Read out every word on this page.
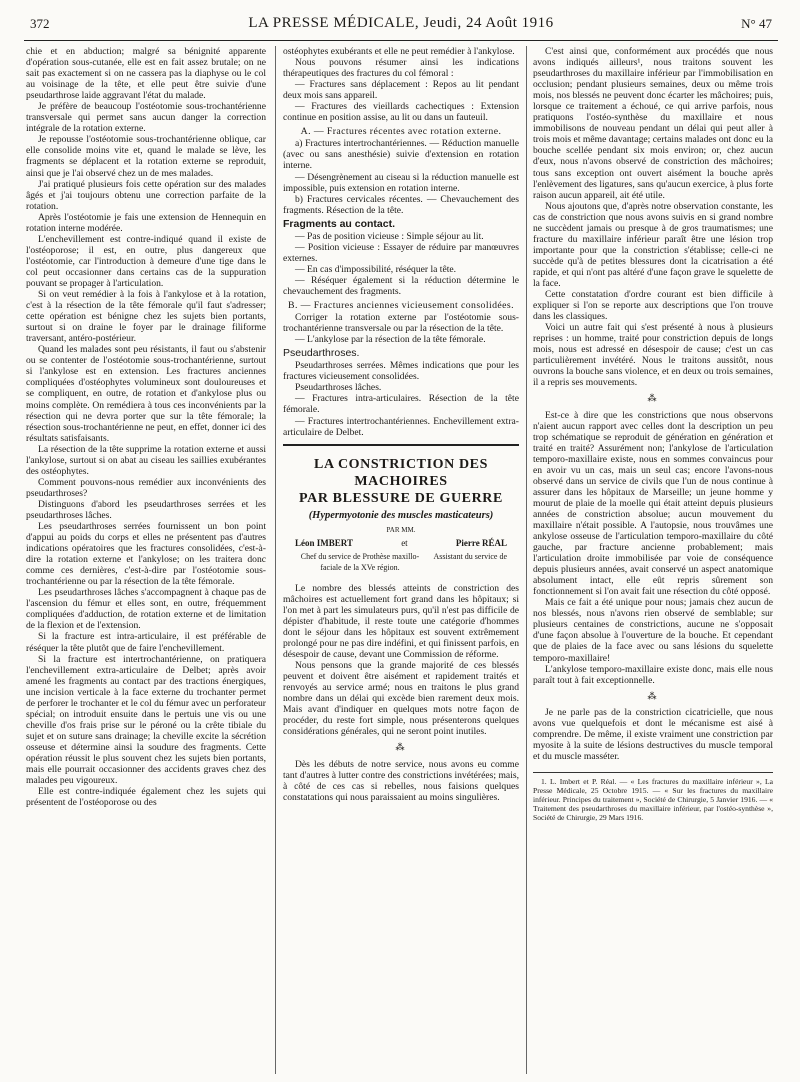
372	LA PRESSE MÉDICALE, Jeudi, 24 Août 1916	N° 47

chie et en abduction; malgré sa bénignité apparente d'opération sous-cutanée, elle est en fait assez brutale; on ne sait pas exactement si on ne cassera pas la diaphyse ou le col au voisinage de la tête, et elle peut être suivie d'une pseudarthrose laide aggravant l'état du malade.

Je préfère de beaucoup l'ostéotomie sous-trochantérienne transversale qui permet sans aucun danger la correction intégrale de la rotation externe.

Je repousse l'ostéotomie sous-trochantérienne oblique, car elle consolide moins vite et, quand le malade se lève, les fragments se déplacent et la rotation externe se reproduit, ainsi que je l'ai observé chez un de mes malades.

J'ai pratiqué plusieurs fois cette opération sur des malades âgés et j'ai toujours obtenu une correction parfaite de la rotation.

Après l'ostéotomie je fais une extension de Hennequin en rotation interne modérée.

L'enchevillement est contre-indiqué quand il existe de l'ostéoporose; il est, en outre, plus dangereux que l'ostéotomie, car l'introduction à demeure d'une tige dans le col peut occasionner dans certains cas de la suppuration pouvant se propager à l'articulation.

Si on veut remédier à la fois à l'ankylose et à la rotation, c'est à la résection de la tête fémorale qu'il faut s'adresser; cette opération est bénigne chez les sujets bien portants, surtout si on draine le foyer par le drainage filiforme traversant, antéro-postérieur.

Quand les malades sont peu résistants, il faut ou s'abstenir ou se contenter de l'ostéotomie sous-trochantérienne, surtout si l'ankylose est en extension. Les fractures anciennes compliquées d'ostéophytes volumineux sont douloureuses et se compliquent, en outre, de rotation et d'ankylose plus ou moins complète. On remédiera à tous ces inconvénients par la résection qui ne devra porter que sur la tête fémorale; la résection sous-trochantérienne ne peut, en effet, donner ici des résultats satisfaisants.

La résection de la tête supprime la rotation externe et aussi l'ankylose, surtout si on abat au ciseau les saillies exubérantes des ostéophytes.

Comment pouvons-nous remédier aux inconvénients des pseudarthroses?

Distinguons d'abord les pseudarthroses serrées et les pseudarthroses lâches.

Les pseudarthroses serrées fournissent un bon point d'appui au poids du corps et elles ne présentent pas d'autres indications opératoires que les fractures consolidées, c'est-à-dire la rotation externe et l'ankylose; on les traitera donc comme ces dernières, c'est-à-dire par l'ostéotomie sous-trochantérienne ou par la résection de la tête fémorale.

Les pseudarthroses lâches s'accompagnent à chaque pas de l'ascension du fémur et elles sont, en outre, fréquemment compliquées d'adduction, de rotation externe et de limitation de la flexion et de l'extension.

Si la fracture est intra-articulaire, il est préférable de réséquer la tête plutôt que de faire l'enchevillement.

Si la fracture est intertrochantérienne, on pratiquera l'enchevillement extra-articulaire de Delbet; après avoir amené les fragments au contact par des tractions énergiques, une incision verticale à la face externe du trochanter permet de perforer le trochanter et le col du fémur avec un perforateur spécial; on introduit ensuite dans le pertuis une vis ou une cheville d'os frais prise sur le péroné ou la crête tibiale du sujet et on suture sans drainage; la cheville excite la sécrétion osseuse et détermine ainsi la soudure des fragments. Cette opération réussit le plus souvent chez les sujets bien portants, mais elle pourrait occasionner des accidents graves chez des malades peu vigoureux.

Elle est contre-indiquée également chez les sujets qui présentent de l'ostéoporose ou des

ostéophytes exubérants et elle ne peut remédier à l'ankylose.

Nous pouvons résumer ainsi les indications thérapeutiques des fractures du col fémoral :

— Fractures sans déplacement : Repos au lit pendant deux mois sans appareil.

— Fractures des vieillards cachectiques : Extension continue en position assise, au lit ou dans un fauteuil.

A. — Fractures récentes avec rotation externe.

a) Fractures intertrochantériennes. — Réduction manuelle (avec ou sans anesthésie) suivie d'extension en rotation interne.

— Désengrènement au ciseau si la réduction manuelle est impossible, puis extension en rotation interne.

b) Fractures cervicales récentes. — Chevauchement des fragments. Résection de la tête.

Fragments au contact.

— Pas de position vicieuse : Simple séjour au lit.

— Position vicieuse : Essayer de réduire par manœuvres externes.

— En cas d'impossibilité, réséquer la tête.

— Réséquer également si la réduction détermine le chevauchement des fragments.

B. — Fractures anciennes vicieusement consolidées.

Corriger la rotation externe par l'ostéotomie sous-trochantérienne transversale ou par la résection de la tête.

— L'ankylose par la résection de la tête fémorale.

Pseudarthroses.

Pseudarthroses serrées. Mêmes indications que pour les fractures vicieusement consolidées.

Pseudarthroses lâches.

— Fractures intra-articulaires. Résection de la tête fémorale.

— Fractures intertrochantériennes. Enchevillement extra-articulaire de Delbet.

LA CONSTRICTION DES MACHOIRES
PAR BLESSURE DE GUERRE
(Hypermyotonie des muscles masticateurs)
PAR MM.
Léon IMBERT	et	Pierre RÉAL
Chef du service de Prothèse maxillo-faciale de la XVe région.
Assistant du service de

Le nombre des blessés atteints de constriction des mâchoires est actuellement fort grand dans les hôpitaux; si l'on met à part les simulateurs purs, qu'il n'est pas difficile de dépister d'habitude, il reste toute une catégorie d'hommes dont le séjour dans les hôpitaux est souvent extrêmement prolongé pour ne pas dire indéfini, et qui finissent parfois, en désespoir de cause, devant une Commission de réforme.

Nous pensons que la grande majorité de ces blessés peuvent et doivent être aisément et rapidement traités et renvoyés au service armé; nous en traitons le plus grand nombre dans un délai qui excède bien rarement deux mois. Mais avant d'indiquer en quelques mots notre façon de procéder, du reste fort simple, nous présenterons quelques considérations générales, qui ne seront point inutiles.

⁂

Dès les débuts de notre service, nous avons eu comme tant d'autres à lutter contre des constrictions invétérées; mais, à côté de ces cas si rebelles, nous faisions quelques constatations qui nous paraissaient au moins singulières.

C'est ainsi que, conformément aux procédés que nous avons indiqués ailleurs¹, nous traitons souvent les pseudarthroses du maxillaire inférieur par l'immobilisation en occlusion; pendant plusieurs semaines, deux ou même trois mois, nos blessés ne peuvent donc écarter les mâchoires; puis, lorsque ce traitement a échoué, ce qui arrive parfois, nous pratiquons l'ostéo-synthèse du maxillaire et nous immobilisons de nouveau pendant un délai qui peut aller à trois mois et même davantage; certains malades ont donc eu la bouche scellée pendant six mois environ; or, chez aucun d'eux, nous n'avons observé de constriction des mâchoires; tous sans exception ont ouvert aisément la bouche après l'enlèvement des ligatures, sans qu'aucun exercice, à plus forte raison aucun appareil, ait été utile.

Nous ajoutons que, d'après notre observation constante, les cas de constriction que nous avons suivis en si grand nombre ne succèdent jamais ou presque à de gros traumatismes; une fracture du maxillaire inférieur paraît être une lésion trop importante pour que la constriction s'établisse; celle-ci ne succède qu'à de petites blessures dont la cicatrisation a été rapide, et qui n'ont pas altéré d'une façon grave le squelette de la face.

Cette constatation d'ordre courant est bien difficile à expliquer si l'on se reporte aux descriptions que l'on trouve dans les classiques.

Voici un autre fait qui s'est présenté à nous à plusieurs reprises : un homme, traité pour constriction depuis de longs mois, nous est adressé en désespoir de cause; c'est un cas particulièrement invétéré. Nous le traitons aussitôt, nous ouvrons la bouche sans violence, et en deux ou trois semaines, il a repris ses mouvements.

⁂

Est-ce à dire que les constrictions que nous observons n'aient aucun rapport avec celles dont la description un peu trop schématique se reproduit de génération en génération et traité en traité? Assurément non; l'ankylose de l'articulation temporo-maxillaire existe, nous en sommes convaincus pour en avoir vu un cas, mais un seul cas; encore l'avons-nous observé dans un service de civils que l'un de nous continue à assurer dans les hôpitaux de Marseille; un jeune homme y mourut de plaie de la moelle qui était atteint depuis plusieurs années de constriction absolue; aucun mouvement du maxillaire n'était possible. A l'autopsie, nous trouvâmes une ankylose osseuse de l'articulation temporo-maxillaire du côté gauche, par fracture ancienne probablement; mais l'articulation droite immobilisée par voie de conséquence depuis plusieurs années, avait conservé un aspect anatomique absolument intact, elle eût repris sûrement son fonctionnement si l'on avait fait une résection du côté opposé.

Mais ce fait a été unique pour nous; jamais chez aucun de nos blessés, nous n'avons rien observé de semblable; sur plusieurs centaines de constrictions, aucune ne s'opposait d'une façon absolue à l'ouverture de la bouche. Et cependant que de plaies de la face avec ou sans lésions du squelette temporo-maxillaire!

L'ankylose temporo-maxillaire existe donc, mais elle nous paraît tout à fait exceptionnelle.

⁂

Je ne parle pas de la constriction cicatricielle, que nous avons vue quelquefois et dont le mécanisme est aisé à comprendre. De même, il existe vraiment une constriction par myosite à la suite de lésions destructives du muscle temporal et du muscle masséter.

1. L. Imbert et P. Réal. — « Les fractures du maxillaire inférieur », La Presse Médicale, 25 Octobre 1915. — « Sur les fractures du maxillaire inférieur. Principes du traitement », Société de Chirurgie, 5 Janvier 1916. — « Traitement des pseudarthroses du maxillaire inférieur, par l'ostéo-synthèse », Société de Chirurgie, 29 Mars 1916.
